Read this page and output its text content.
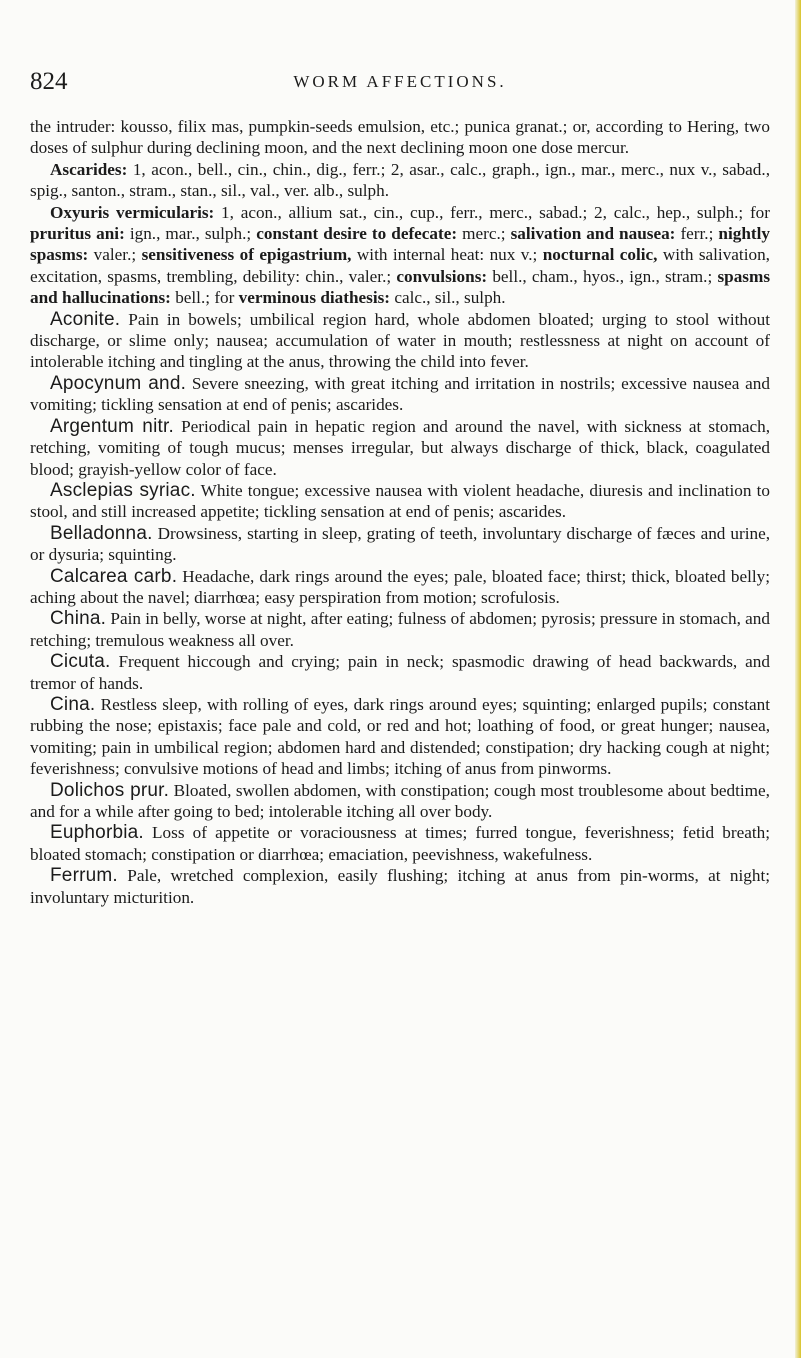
824	WORM AFFECTIONS.

the intruder: kousso, filix mas, pumpkin-seeds emulsion, etc.; punica granat.; or, according to Hering, two doses of sulphur during declining moon, and the next declining moon one dose mercur.

Ascarides: 1, acon., bell., cin., chin., dig., ferr.; 2, asar., calc., graph., ign., mar., merc., nux v., sabad., spig., santon., stram., stan., sil., val., ver. alb., sulph.

Oxyuris vermicularis: 1, acon., allium sat., cin., cup., ferr., merc., sabad.; 2, calc., hep., sulph.; for pruritus ani: ign., mar., sulph.; constant desire to defecate: merc.; salivation and nausea: ferr.; nightly spasms: valer.; sensitiveness of epigastrium, with internal heat: nux v.; nocturnal colic, with salivation, excitation, spasms, trembling, debility: chin., valer.; convulsions: bell., cham., hyos., ign., stram.; spasms and hallucinations: bell.; for verminous diathesis: calc., sil., sulph.

Aconite. Pain in bowels; umbilical region hard, whole abdomen bloated; urging to stool without discharge, or slime only; nausea; accumulation of water in mouth; restlessness at night on account of intolerable itching and tingling at the anus, throwing the child into fever.

Apocynum and. Severe sneezing, with great itching and irritation in nostrils; excessive nausea and vomiting; tickling sensation at end of penis; ascarides.

Argentum nitr. Periodical pain in hepatic region and around the navel, with sickness at stomach, retching, vomiting of tough mucus; menses irregular, but always discharge of thick, black, coagulated blood; grayish-yellow color of face.

Asclepias syriac. White tongue; excessive nausea with violent headache, diuresis and inclination to stool, and still increased appetite; tickling sensation at end of penis; ascarides.

Belladonna. Drowsiness, starting in sleep, grating of teeth, involuntary discharge of fæces and urine, or dysuria; squinting.

Calcarea carb. Headache, dark rings around the eyes; pale, bloated face; thirst; thick, bloated belly; aching about the navel; diarrhœa; easy perspiration from motion; scrofulosis.

China. Pain in belly, worse at night, after eating; fulness of abdomen; pyrosis; pressure in stomach, and retching; tremulous weakness all over.

Cicuta. Frequent hiccough and crying; pain in neck; spasmodic drawing of head backwards, and tremor of hands.

Cina. Restless sleep, with rolling of eyes, dark rings around eyes; squinting; enlarged pupils; constant rubbing the nose; epistaxis; face pale and cold, or red and hot; loathing of food, or great hunger; nausea, vomiting; pain in umbilical region; abdomen hard and distended; constipation; dry hacking cough at night; feverishness; convulsive motions of head and limbs; itching of anus from pinworms.

Dolichos prur. Bloated, swollen abdomen, with constipation; cough most troublesome about bedtime, and for a while after going to bed; intolerable itching all over body.

Euphorbia. Loss of appetite or voraciousness at times; furred tongue, feverishness; fetid breath; bloated stomach; constipation or diarrhœa; emaciation, peevishness, wakefulness.

Ferrum. Pale, wretched complexion, easily flushing; itching at anus from pin-worms, at night; involuntary micturition.
